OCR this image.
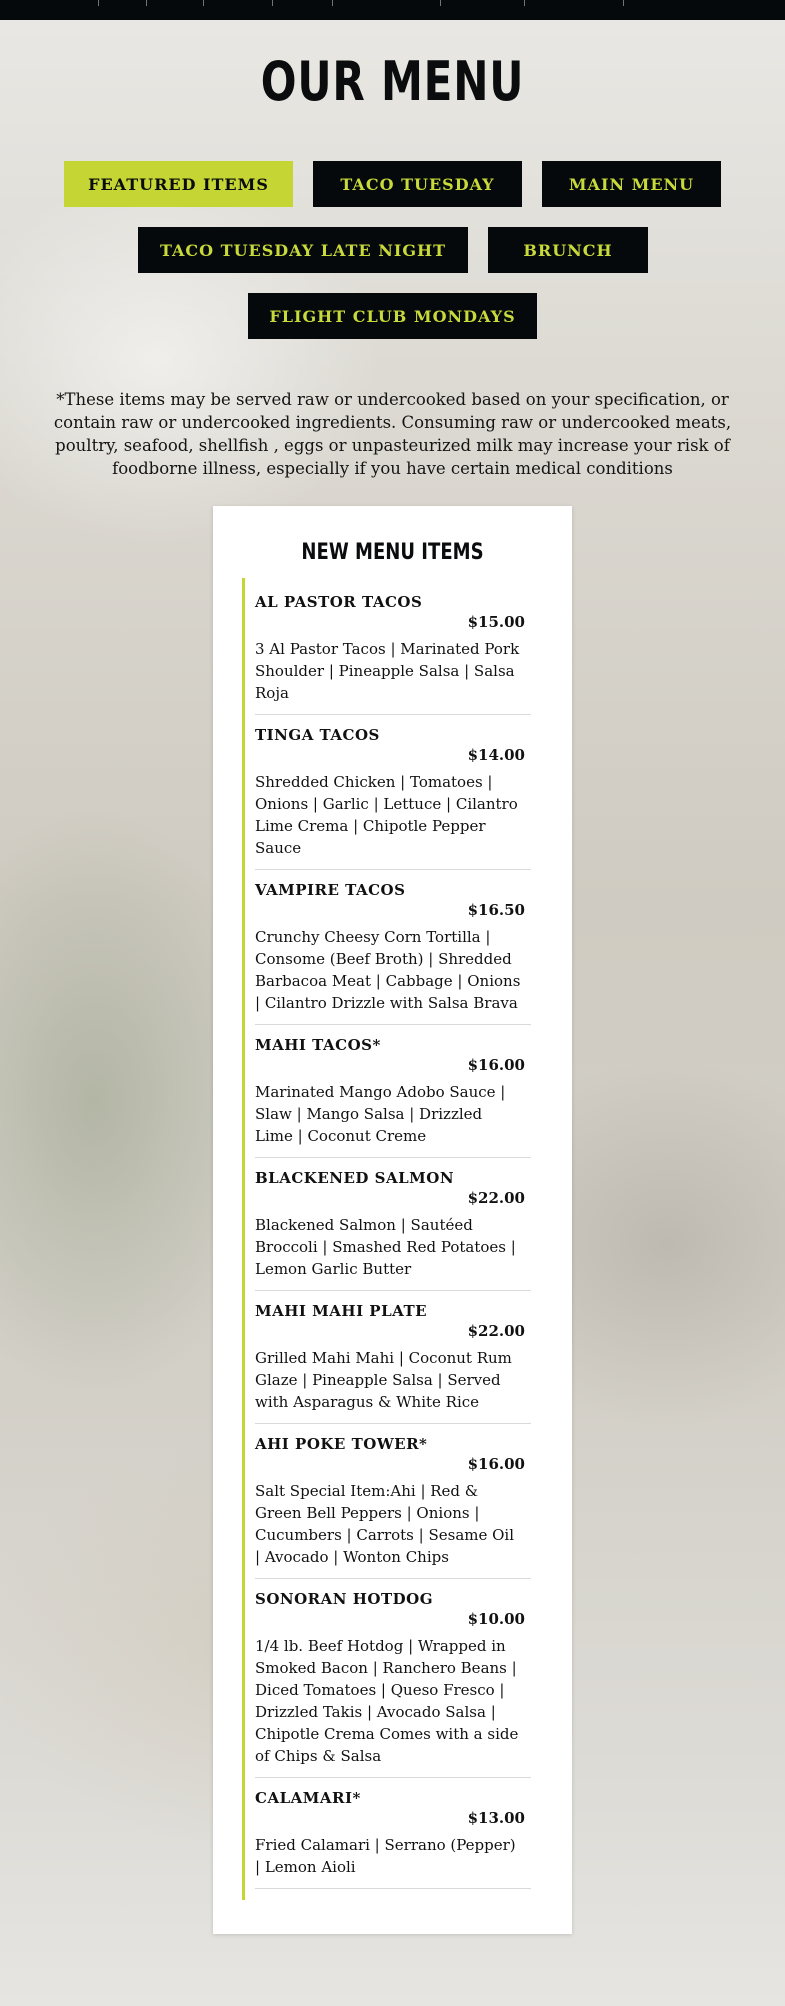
OUR MENU
FEATURED ITEMS	TACO TUESDAY	MAIN MENU
TACO TUESDAY LATE NIGHT	BRUNCH
FLIGHT CLUB MONDAYS
*These items may be served raw or undercooked based on your specification, or contain raw or undercooked ingredients. Consuming raw or undercooked meats, poultry, seafood, shellfish , eggs or unpasteurized milk may increase your risk of foodborne illness, especially if you have certain medical conditions
NEW MENU ITEMS
AL PASTOR TACOS
$15.00
3 Al Pastor Tacos | Marinated Pork Shoulder | Pineapple Salsa | Salsa Roja
TINGA TACOS
$14.00
Shredded Chicken | Tomatoes | Onions | Garlic | Lettuce | Cilantro Lime Crema | Chipotle Pepper Sauce
VAMPIRE TACOS
$16.50
Crunchy Cheesy Corn Tortilla | Consome (Beef Broth) | Shredded Barbacoa Meat | Cabbage | Onions | Cilantro Drizzle with Salsa Brava
MAHI TACOS*
$16.00
Marinated Mango Adobo Sauce | Slaw | Mango Salsa | Drizzled Lime | Coconut Creme
BLACKENED SALMON
$22.00
Blackened Salmon | Sautéed Broccoli | Smashed Red Potatoes | Lemon Garlic Butter
MAHI MAHI PLATE
$22.00
Grilled Mahi Mahi | Coconut Rum Glaze | Pineapple Salsa | Served with Asparagus & White Rice
AHI POKE TOWER*
$16.00
Salt Special Item:Ahi | Red & Green Bell Peppers | Onions | Cucumbers | Carrots | Sesame Oil | Avocado | Wonton Chips
SONORAN HOTDOG
$10.00
1/4 lb. Beef Hotdog | Wrapped in Smoked Bacon | Ranchero Beans | Diced Tomatoes | Queso Fresco | Drizzled Takis | Avocado Salsa | Chipotle Crema Comes with a side of Chips & Salsa
CALAMARI*
$13.00
Fried Calamari | Serrano (Pepper) | Lemon Aioli
